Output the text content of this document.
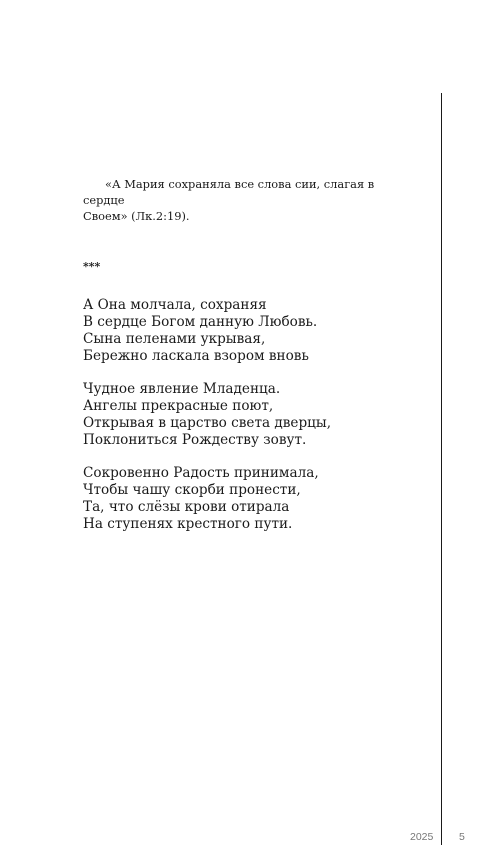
«А Мария сохраняла все слова сии, слагая в сердце
Своем» (Лк.2:19).

***

А Она молчала, сохраняя
В сердце Богом данную Любовь.
Сына пеленами укрывая,
Бережно ласкала взором вновь

Чудное явление Младенца.
Ангелы прекрасные поют,
Открывая в царство света дверцы,
Поклониться Рождеству зовут.

Сокровенно Радость принимала,
Чтобы чашу скорби пронести,
Та, что слёзы крови отирала
На ступенях крестного пути.

2025 5
